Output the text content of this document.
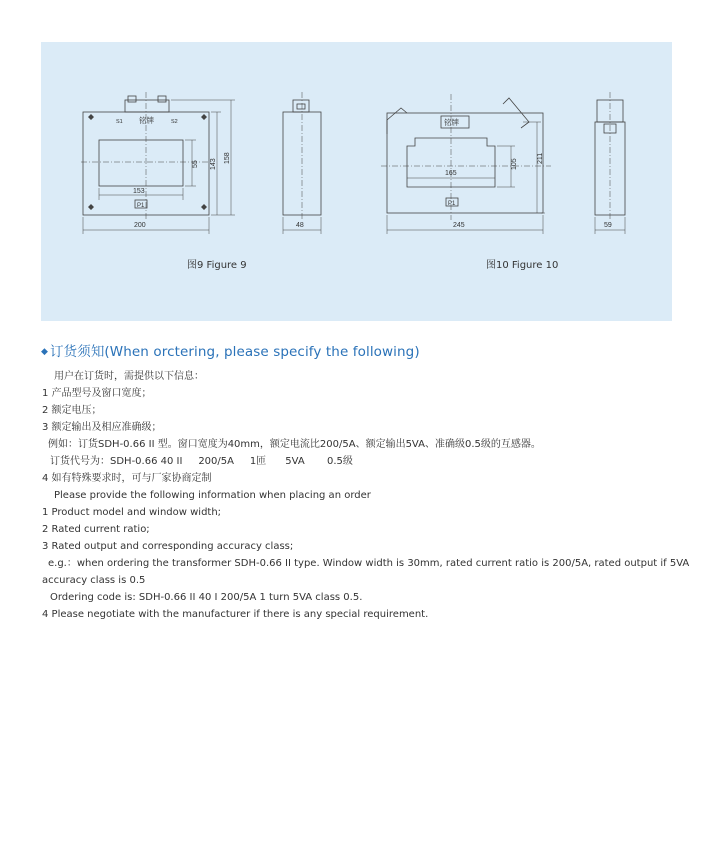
铭牌
S1	S2
P1
200
153
55 143
158
48
铭牌
P1
245
165
105	211
59
图9 Figure 9	图10 Figure 10
◆ 订货须知(When orctering, please specify the following)
用户在订货时，需提供以下信息：
1 产品型号及窗口宽度；
2 额定电压；
3 额定输出及相应准确级；
例如：订货SDH-0.66 II 型。窗口宽度为40mm，额定电流比200/5A、额定输出5VA、准确级0.5级的互感器。
订货代号为：SDH-0.66 40 II     200/5A     1匝      5VA       0.5级
4 如有特殊要求时，可与厂家协商定制
Please provide the following information when placing an order
1 Product model and window width;
2 Rated current ratio;
3 Rated output and corresponding accuracy class;
e.g.：when ordering the transformer SDH-0.66 II type. Window width is 30mm, rated current ratio is 200/5A, rated output if 5VA
accuracy class is 0.5
Ordering code is: SDH-0.66 II 40 I 200/5A 1 turn 5VA class 0.5.
4 Please negotiate with the manufacturer if there is any special requirement.
